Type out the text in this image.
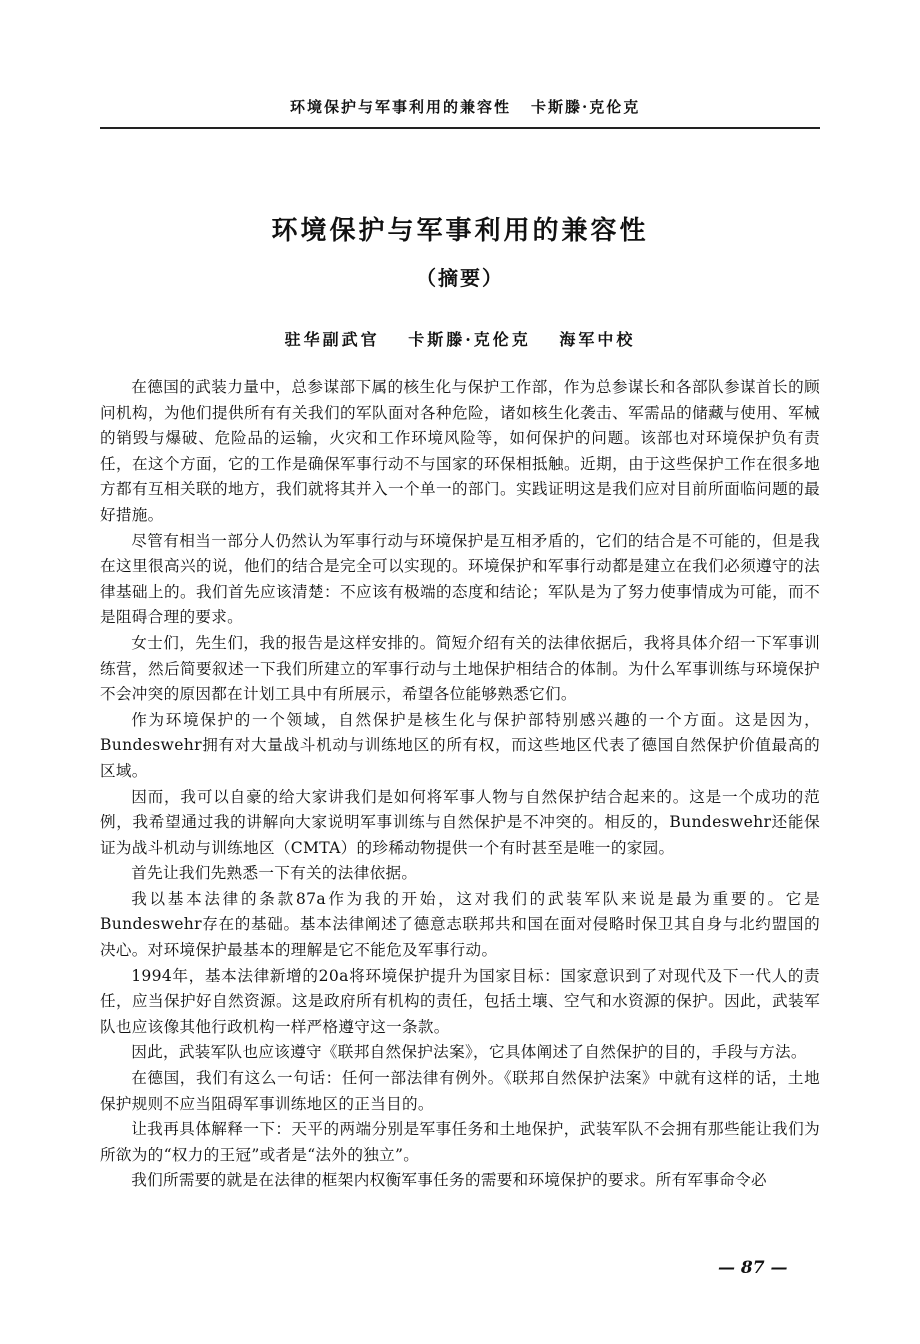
环境保护与军事利用的兼容性 卡斯滕·克伦克
环境保护与军事利用的兼容性
（摘要）
驻华副武官 卡斯滕·克伦克 海军中校

在德国的武装力量中，总参谋部下属的核生化与保护工作部，作为总参谋长和各部队参谋首长的顾问机构，为他们提供所有有关我们的军队面对各种危险，诸如核生化袭击、军需品的储藏与使用、军械的销毁与爆破、危险品的运输，火灾和工作环境风险等，如何保护的问题。该部也对环境保护负有责任，在这个方面，它的工作是确保军事行动不与国家的环保相抵触。近期，由于这些保护工作在很多地方都有互相关联的地方，我们就将其并入一个单一的部门。实践证明这是我们应对目前所面临问题的最好措施。

尽管有相当一部分人仍然认为军事行动与环境保护是互相矛盾的，它们的结合是不可能的，但是我在这里很高兴的说，他们的结合是完全可以实现的。环境保护和军事行动都是建立在我们必须遵守的法律基础上的。我们首先应该清楚：不应该有极端的态度和结论；军队是为了努力使事情成为可能，而不是阻碍合理的要求。

女士们，先生们，我的报告是这样安排的。简短介绍有关的法律依据后，我将具体介绍一下军事训练营，然后简要叙述一下我们所建立的军事行动与土地保护相结合的体制。为什么军事训练与环境保护不会冲突的原因都在计划工具中有所展示，希望各位能够熟悉它们。

作为环境保护的一个领域，自然保护是核生化与保护部特别感兴趣的一个方面。这是因为，Bundeswehr拥有对大量战斗机动与训练地区的所有权，而这些地区代表了德国自然保护价值最高的区域。

因而，我可以自豪的给大家讲我们是如何将军事人物与自然保护结合起来的。这是一个成功的范例，我希望通过我的讲解向大家说明军事训练与自然保护是不冲突的。相反的，Bundeswehr还能保证为战斗机动与训练地区（CMTA）的珍稀动物提供一个有时甚至是唯一的家园。

首先让我们先熟悉一下有关的法律依据。

我以基本法律的条款87a作为我的开始，这对我们的武装军队来说是最为重要的。它是Bundeswehr存在的基础。基本法律阐述了德意志联邦共和国在面对侵略时保卫其自身与北约盟国的决心。对环境保护最基本的理解是它不能危及军事行动。

1994年，基本法律新增的20a将环境保护提升为国家目标：国家意识到了对现代及下一代人的责任，应当保护好自然资源。这是政府所有机构的责任，包括土壤、空气和水资源的保护。因此，武装军队也应该像其他行政机构一样严格遵守这一条款。

因此，武装军队也应该遵守《联邦自然保护法案》，它具体阐述了自然保护的目的，手段与方法。

在德国，我们有这么一句话：任何一部法律有例外。《联邦自然保护法案》中就有这样的话，土地保护规则不应当阻碍军事训练地区的正当目的。

让我再具体解释一下：天平的两端分别是军事任务和土地保护，武装军队不会拥有那些能让我们为所欲为的“权力的王冠”或者是“法外的独立”。

我们所需要的就是在法律的框架内权衡军事任务的需要和环境保护的要求。所有军事命令必

— 87 —
